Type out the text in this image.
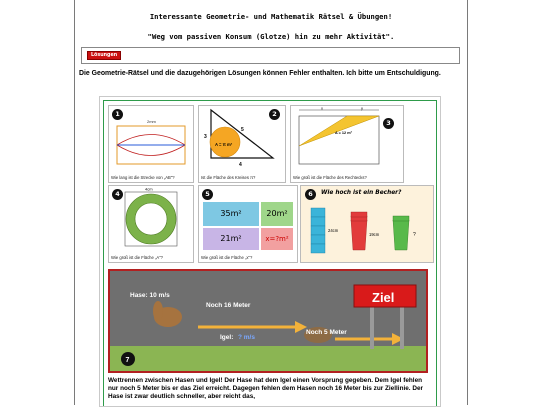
Interessante Geometrie- und Mathematik Rätsel & Übungen!
"Weg vom passiven Konsum (Glotze) hin zu mehr Aktivität".
Lösungen
Die Geometrie-Rätsel und die dazugehörigen Lösungen können Fehler enthalten. Ich bitte um Entschuldigung.
1
2mm
Wie lang ist die Strecke von „AB"?
2
3
5
4
A = π m²
Ist die Fläche des Kreises π?
3
x	y
A = 12 m²
Wie groß ist die Fläche des Rechtecks?
4
4cm
Wie groß ist die Fläche „A"?
5
35m²	20m²
21m²	x=?m²
Wie groß ist die Fläche „x"?
6	Wie hoch ist ein Becher?
24cm
19cm	?
Ziel
Hase: 10 m/s
Noch 16 Meter
Igel: ? m/s
Noch 5 Meter
7
Wettrennen zwischen Hasen und Igel! Der Hase hat dem Igel einen Vorsprung gegeben. Dem Igel fehlen nur noch 5 Meter bis er das Ziel erreicht. Dagegen fehlen dem Hasen noch 16 Meter bis zur Ziellinie. Der Hase ist zwar deutlich schneller, aber reicht das,
